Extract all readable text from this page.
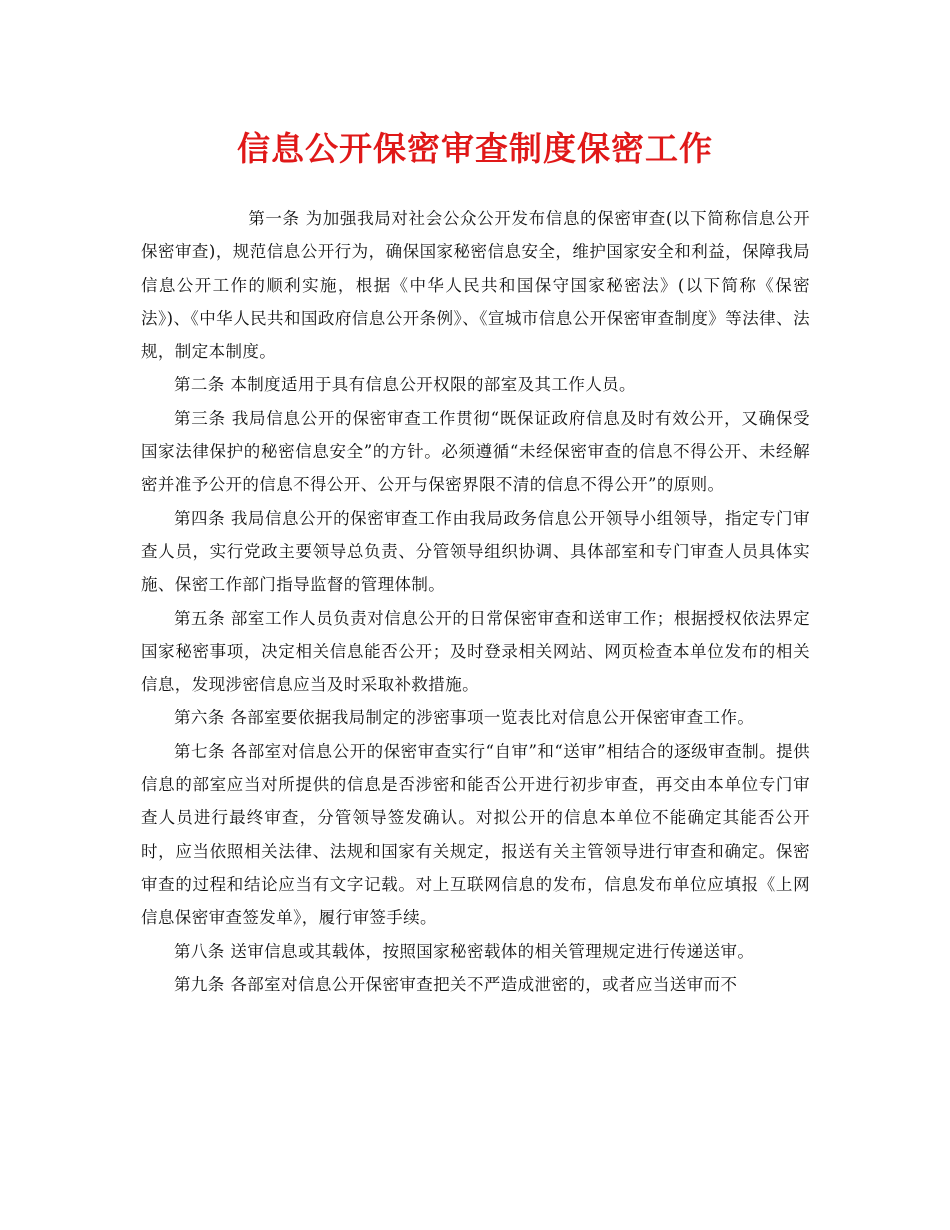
信息公开保密审查制度保密工作

第一条 为加强我局对社会公众公开发布信息的保密审查(以下简称信息公开保密审查)，规范信息公开行为，确保国家秘密信息安全，维护国家安全和利益，保障我局信息公开工作的顺利实施，根据《中华人民共和国保守国家秘密法》(以下简称《保密法》)、《中华人民共和国政府信息公开条例》、《宣城市信息公开保密审查制度》等法律、法规，制定本制度。

第二条 本制度适用于具有信息公开权限的部室及其工作人员。

第三条 我局信息公开的保密审查工作贯彻“既保证政府信息及时有效公开，又确保受国家法律保护的秘密信息安全”的方针。必须遵循“未经保密审查的信息不得公开、未经解密并准予公开的信息不得公开、公开与保密界限不清的信息不得公开”的原则。

第四条 我局信息公开的保密审查工作由我局政务信息公开领导小组领导，指定专门审查人员，实行党政主要领导总负责、分管领导组织协调、具体部室和专门审查人员具体实施、保密工作部门指导监督的管理体制。

第五条 部室工作人员负责对信息公开的日常保密审查和送审工作；根据授权依法界定国家秘密事项，决定相关信息能否公开；及时登录相关网站、网页检查本单位发布的相关信息，发现涉密信息应当及时采取补救措施。

第六条 各部室要依据我局制定的涉密事项一览表比对信息公开保密审查工作。

第七条 各部室对信息公开的保密审查实行“自审”和“送审”相结合的逐级审查制。提供信息的部室应当对所提供的信息是否涉密和能否公开进行初步审查，再交由本单位专门审查人员进行最终审查，分管领导签发确认。对拟公开的信息本单位不能确定其能否公开时，应当依照相关法律、法规和国家有关规定，报送有关主管领导进行审查和确定。保密审查的过程和结论应当有文字记载。对上互联网信息的发布，信息发布单位应填报《上网信息保密审查签发单》，履行审签手续。

第八条 送审信息或其载体，按照国家秘密载体的相关管理规定进行传递送审。

第九条 各部室对信息公开保密审查把关不严造成泄密的，或者应当送审而不
